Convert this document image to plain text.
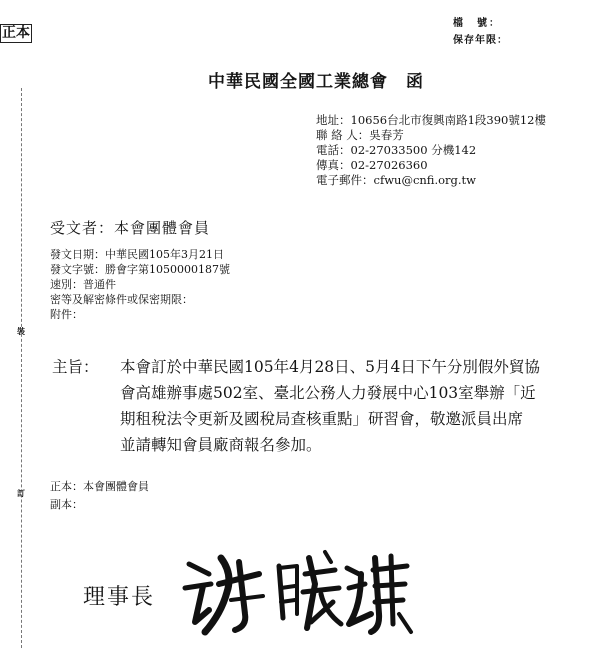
正本
檔　號：
保存年限：
中華民國全國工業總會　函
地址：10656台北市復興南路1段390號12樓
聯 絡 人：吳春芳
電話：02-27033500 分機142
傳真：02-27026360
電子郵件：cfwu@cnfi.org.tw
受文者：本會團體會員
發文日期：中華民國105年3月21日
發文字號：勝會字第1050000187號
速別：普通件
密等及解密條件或保密期限：
附件：
主旨： 本會訂於中華民國105年4月28日、5月4日下午分別假外貿協
會高雄辦事處502室、臺北公務人力發展中心103室舉辦「近
期租稅法令更新及國稅局查核重點」研習會，敬邀派員出席
並請轉知會員廠商報名參加。
正本：本會團體會員
副本：
裝
訂
理事長
